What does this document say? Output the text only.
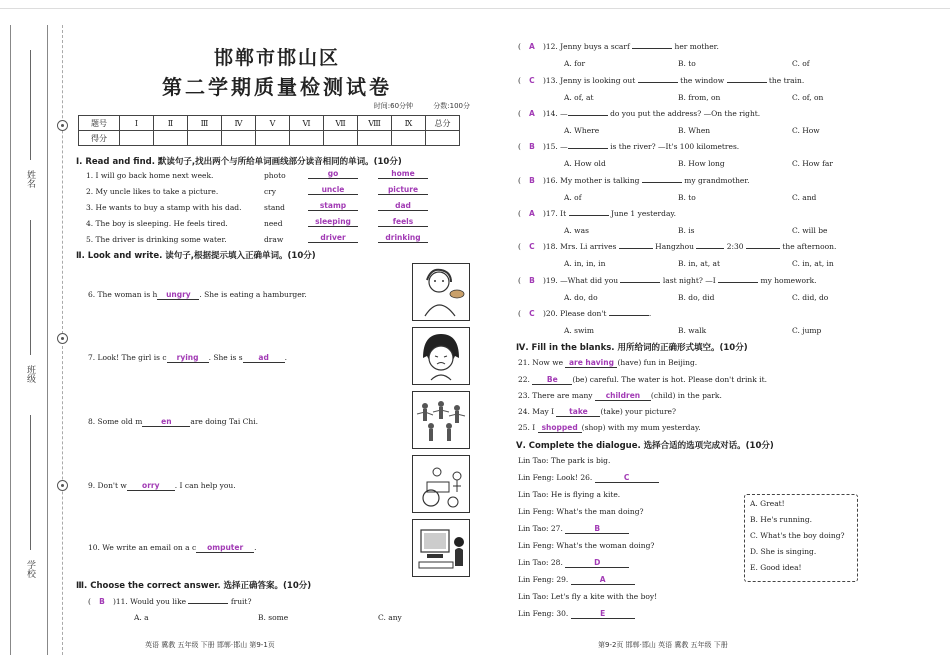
姓名
班级
学校
邯郸市邯山区
第二学期质量检测试卷
时间:60分钟	分数:100分
题号	Ⅰ	Ⅱ	Ⅲ	Ⅳ	Ⅴ	Ⅵ	Ⅶ	Ⅷ	Ⅸ	总分
得分										
Ⅰ. Read and find. 默读句子,找出两个与所给单词画线部分读音相同的单词。(10分)
1. I will go back home next week.	photo	go	home
2. My uncle likes to take a picture.	cry	uncle	picture
3. He wants to buy a stamp with his dad.	stand	stamp	dad
4. The boy is sleeping. He feels tired.	need	sleeping	feels
5. The driver is drinking some water.	draw	driver	drinking
Ⅱ. Look and write. 读句子,根据提示填入正确单词。(10分)
6. The woman is h ungry . She is eating a hamburger.
7. Look! The girl is c rying . She is s ad .
8. Some old m	en	are doing Tai Chi.
9. Don't w orry . I can help you.
10. We write an email on a c omputer .
Ⅲ. Choose the correct answer. 选择正确答案。(10分)
( B )11. Would you like	fruit?
A. a	B. some	C. any
英语 冀教 五年级 下册 邯郸·邯山 第9-1页
( A )12. Jenny buys a scarf	her mother.
A. for	B. to	C. of
( C )13. Jenny is looking out	the window	the train.
A. of, at	B. from, on	C. of, on
( A )14. —	do you put the address? —On the right.
A. Where	B. When	C. How
( B )15. —	is the river? —It's 100 kilometres.
A. How old	B. How long	C. How far
( B )16. My mother is talking	my grandmother.
A. of	B. to	C. and
( A )17. It	June 1 yesterday.
A. was	B. is	C. will be
( C )18. Mrs. Li arrives	Hangzhou	2:30	the afternoon.
A. in, in, in	B. in, at, at	C. in, at, in
( B )19. —What did you	last night? —I	my homework.
A. do, do	B. do, did	C. did, do
( C )20. Please don't	.
A. swim	B. walk	C. jump
Ⅳ. Fill in the blanks. 用所给词的正确形式填空。(10分)
21. Now we are having (have) fun in Beijing.
22. Be (be) careful. The water is hot. Please don't drink it.
23. There are many children (child) in the park.
24. May I take (take) your picture?
25. I shopped (shop) with my mum yesterday.
Ⅴ. Complete the dialogue. 选择合适的选项完成对话。(10分)
Lin Tao: The park is big.
Lin Feng: Look! 26.	C
Lin Tao: He is flying a kite.
Lin Feng: What's the man doing?
Lin Tao: 27.	B
Lin Feng: What's the woman doing?
Lin Tao: 28.	D
Lin Feng: 29.	A
Lin Tao: Let's fly a kite with the boy!
Lin Feng: 30.	E
A. Great!
B. He's running.
C. What's the boy doing?
D. She is singing.
E. Good idea!
第9-2页 邯郸·邯山 英语 冀教 五年级 下册
